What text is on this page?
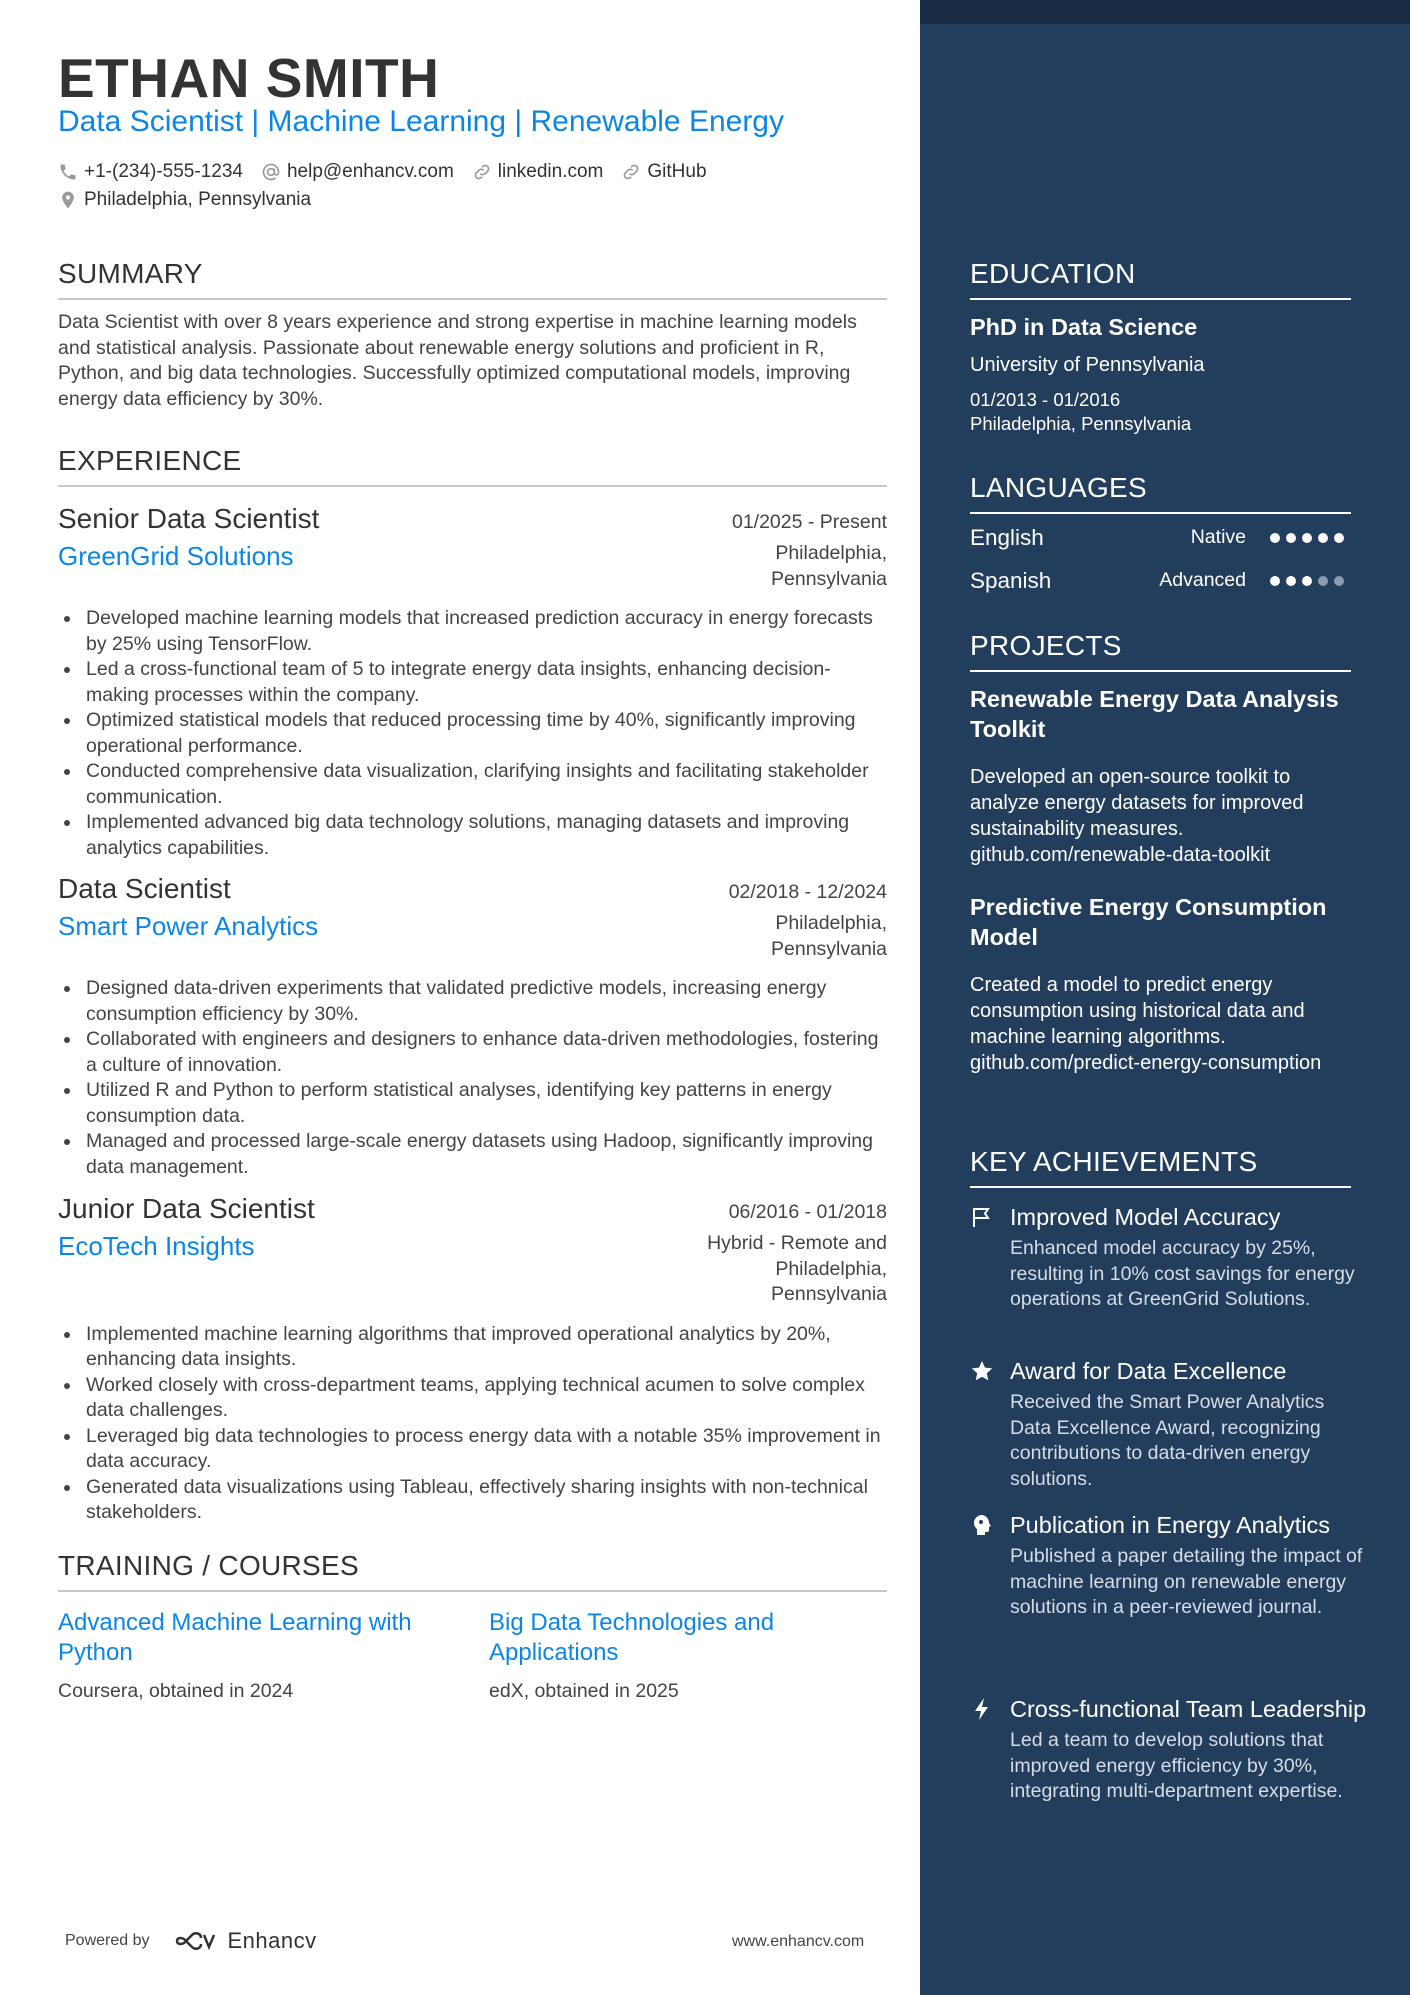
ETHAN SMITH
Data Scientist | Machine Learning | Renewable Energy
+1-(234)-555-1234 help@enhancv.com linkedin.com GitHub
Philadelphia, Pennsylvania
SUMMARY
Data Scientist with over 8 years experience and strong expertise in machine learning models and statistical analysis. Passionate about renewable energy solutions and proficient in R, Python, and big data technologies. Successfully optimized computational models, improving energy data efficiency by 30%.
EXPERIENCE
Senior Data Scientist	01/2025 - Present
GreenGrid Solutions	Philadelphia,
Pennsylvania
Developed machine learning models that increased prediction accuracy in energy forecasts by 25% using TensorFlow.
Led a cross-functional team of 5 to integrate energy data insights, enhancing decision-making processes within the company.
Optimized statistical models that reduced processing time by 40%, significantly improving operational performance.
Conducted comprehensive data visualization, clarifying insights and facilitating stakeholder communication.
Implemented advanced big data technology solutions, managing datasets and improving analytics capabilities.
Data Scientist	02/2018 - 12/2024
Smart Power Analytics	Philadelphia,
Pennsylvania
Designed data-driven experiments that validated predictive models, increasing energy consumption efficiency by 30%.
Collaborated with engineers and designers to enhance data-driven methodologies, fostering a culture of innovation.
Utilized R and Python to perform statistical analyses, identifying key patterns in energy consumption data.
Managed and processed large-scale energy datasets using Hadoop, significantly improving data management.
Junior Data Scientist	06/2016 - 01/2018
EcoTech Insights	Hybrid - Remote and
Philadelphia,
Pennsylvania
Implemented machine learning algorithms that improved operational analytics by 20%, enhancing data insights.
Worked closely with cross-department teams, applying technical acumen to solve complex data challenges.
Leveraged big data technologies to process energy data with a notable 35% improvement in data accuracy.
Generated data visualizations using Tableau, effectively sharing insights with non-technical stakeholders.
TRAINING / COURSES
Advanced Machine Learning with Python
Coursera, obtained in 2024
Big Data Technologies and Applications
edX, obtained in 2025
Powered by	Enhancv	www.enhancv.com
EDUCATION
PhD in Data Science
University of Pennsylvania
01/2013 - 01/2016
Philadelphia, Pennsylvania
LANGUAGES
English	Native
Spanish	Advanced
PROJECTS
Renewable Energy Data Analysis Toolkit
Developed an open-source toolkit to analyze energy datasets for improved sustainability measures.
github.com/renewable-data-toolkit
Predictive Energy Consumption Model
Created a model to predict energy consumption using historical data and machine learning algorithms.
github.com/predict-energy-consumption
KEY ACHIEVEMENTS
Improved Model Accuracy
Enhanced model accuracy by 25%, resulting in 10% cost savings for energy operations at GreenGrid Solutions.
Award for Data Excellence
Received the Smart Power Analytics Data Excellence Award, recognizing contributions to data-driven energy solutions.
Publication in Energy Analytics
Published a paper detailing the impact of machine learning on renewable energy solutions in a peer-reviewed journal.
Cross-functional Team Leadership
Led a team to develop solutions that improved energy efficiency by 30%, integrating multi-department expertise.
